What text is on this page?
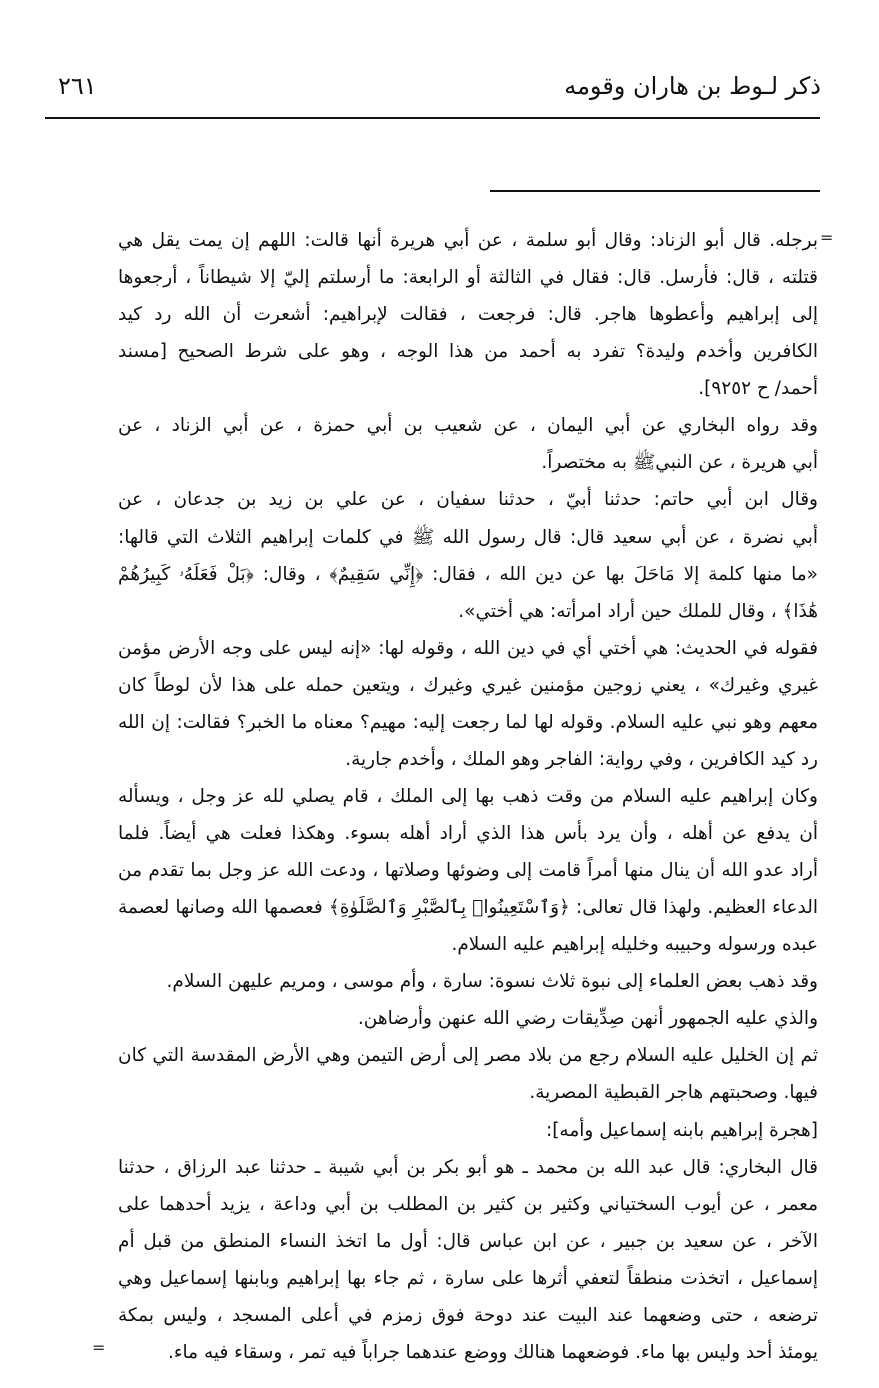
ذكر لـوط بن هاران وقومه
٢٦١
=
=
برجله. قال أبو الزناد: وقال أبو سلمة ، عن أبي هريرة أنها قالت: اللهم إن يمت يقل هي
قتلته ، قال: فأرسل. قال: فقال في الثالثة أو الرابعة: ما أرسلتم إليّ إلا شيطاناً ، أرجعوها
إلى إبراهيم وأعطوها هاجر. قال: فرجعت ، فقالت لإبراهيم: أشعرت أن الله رد كيد
الكافرين وأخدم وليدة؟ تفرد به أحمد من هذا الوجه ، وهو على شرط الصحيح [مسند
أحمد/ ح ٩٢٥٢].
وقد رواه البخاري عن أبي اليمان ، عن شعيب بن أبي حمزة ، عن أبي الزناد ، عن
أبي هريرة ، عن النبيﷺ به مختصراً.
وقال ابن أبي حاتم: حدثنا أبيّ ، حدثنا سفيان ، عن علي بن زيد بن جدعان ، عن
أبي نضرة ، عن أبي سعيد قال: قال رسول الله ﷺ في كلمات إبراهيم الثلاث التي قالها:
«ما منها كلمة إلا مَاحَلَ بها عن دين الله ، فقال: ﴿إِنِّي سَقِيمٌ﴾ ، وقال: ﴿بَلْ فَعَلَهُۥ كَبِيرُهُمْ
هَٰذَا﴾ ، وقال للملك حين أراد امرأته: هي أختي».
فقوله في الحديث: هي أختي أي في دين الله ، وقوله لها: «إنه ليس على وجه الأرض مؤمن
غيري وغيرك» ، يعني زوجين مؤمنين غيري وغيرك ، ويتعين حمله على هذا لأن لوطاً كان
معهم وهو نبي عليه السلام. وقوله لها لما رجعت إليه: مهيم؟ معناه ما الخبر؟ فقالت: إن الله
رد كيد الكافرين ، وفي رواية: الفاجر وهو الملك ، وأخدم جارية.
وكان إبراهيم عليه السلام من وقت ذهب بها إلى الملك ، قام يصلي لله عز وجل ، ويسأله
أن يدفع عن أهله ، وأن يرد بأس هذا الذي أراد أهله بسوء. وهكذا فعلت هي أيضاً. فلما
أراد عدو الله أن ينال منها أمراً قامت إلى وضوئها وصلاتها ، ودعت الله عز وجل بما تقدم من
الدعاء العظيم. ولهذا قال تعالى: ﴿وَٱسْتَعِينُوا۟ بِٱلصَّبْرِ وَٱلصَّلَوٰةِ﴾ فعصمها الله وصانها لعصمة
عبده ورسوله وحبيبه وخليله إبراهيم عليه السلام.
وقد ذهب بعض العلماء إلى نبوة ثلاث نسوة: سارة ، وأم موسى ، ومريم عليهن السلام.
والذي عليه الجمهور أنهن صِدِّيقات رضي الله عنهن وأرضاهن.
ثم إن الخليل عليه السلام رجع من بلاد مصر إلى أرض التيمن وهي الأرض المقدسة التي كان
فيها. وصحبتهم هاجر القبطية المصرية.
[هجرة إبراهيم بابنه إسماعيل وأمه]:
قال البخاري: قال عبد الله بن محمد ـ هو أبو بكر بن أبي شيبة ـ حدثنا عبد الرزاق ، حدثنا
معمر ، عن أيوب السختياني وكثير بن كثير بن المطلب بن أبي وداعة ، يزيد أحدهما على
الآخر ، عن سعيد بن جبير ، عن ابن عباس قال: أول ما اتخذ النساء المنطق من قبل أم
إسماعيل ، اتخذت منطقاً لتعفي أثرها على سارة ، ثم جاء بها إبراهيم وبابنها إسماعيل وهي
ترضعه ، حتى وضعهما عند البيت عند دوحة فوق زمزم في أعلى المسجد ، وليس بمكة
يومئذ أحد وليس بها ماء. فوضعهما هنالك ووضع عندهما جراباً فيه تمر ، وسقاء فيه ماء.
